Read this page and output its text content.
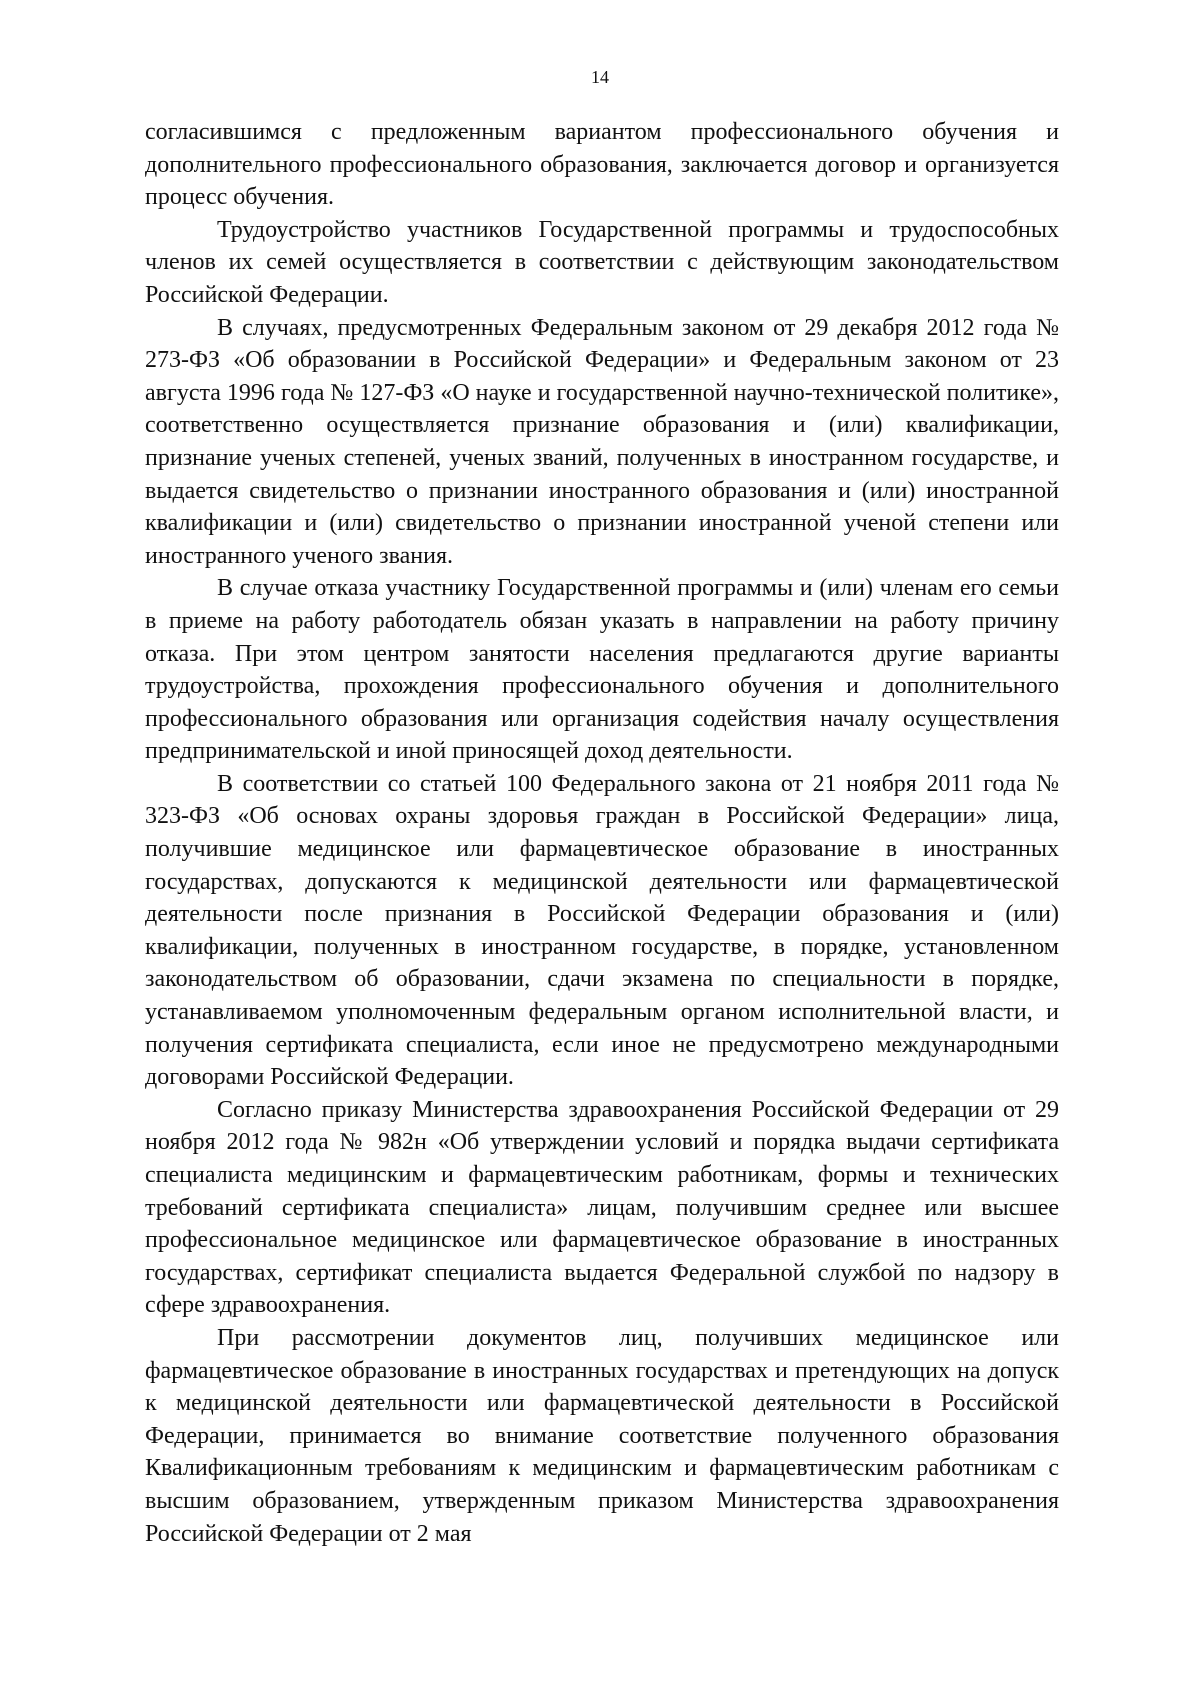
14

согласившимся с предложенным вариантом профессионального обучения и дополнительного профессионального образования, заключается договор и организуется процесс обучения.

Трудоустройство участников Государственной программы и трудоспособных членов их семей осуществляется в соответствии с действующим законодательством Российской Федерации.

В случаях, предусмотренных Федеральным законом от 29 декабря 2012 года № 273-ФЗ «Об образовании в Российской Федерации» и Федеральным законом от 23 августа 1996 года № 127-ФЗ «О науке и государственной научно-технической политике», соответственно осуществляется признание образования и (или) квалификации, признание ученых степеней, ученых званий, полученных в иностранном государстве, и выдается свидетельство о признании иностранного образования и (или) иностранной квалификации и (или) свидетельство о признании иностранной ученой степени или иностранного ученого звания.

В случае отказа участнику Государственной программы и (или) членам его семьи в приеме на работу работодатель обязан указать в направлении на работу причину отказа. При этом центром занятости населения предлагаются другие варианты трудоустройства, прохождения профессионального обучения и дополнительного профессионального образования или организация содействия началу осуществления предпринимательской и иной приносящей доход деятельности.

В соответствии со статьей 100 Федерального закона от 21 ноября 2011 года № 323-ФЗ «Об основах охраны здоровья граждан в Российской Федерации» лица, получившие медицинское или фармацевтическое образование в иностранных государствах, допускаются к медицинской деятельности или фармацевтической деятельности после признания в Российской Федерации образования и (или) квалификации, полученных в иностранном государстве, в порядке, установленном законодательством об образовании, сдачи экзамена по специальности в порядке, устанавливаемом уполномоченным федеральным органом исполнительной власти, и получения сертификата специалиста, если иное не предусмотрено международными договорами Российской Федерации.

Согласно приказу Министерства здравоохранения Российской Федерации от 29 ноября 2012 года № 982н «Об утверждении условий и порядка выдачи сертификата специалиста медицинским и фармацевтическим работникам, формы и технических требований сертификата специалиста» лицам, получившим среднее или высшее профессиональное медицинское или фармацевтическое образование в иностранных государствах, сертификат специалиста выдается Федеральной службой по надзору в сфере здравоохранения.

При рассмотрении документов лиц, получивших медицинское или фармацевтическое образование в иностранных государствах и претендующих на допуск к медицинской деятельности или фармацевтической деятельности в Российской Федерации, принимается во внимание соответствие полученного образования Квалификационным требованиям к медицинским и фармацевтическим работникам с высшим образованием, утвержденным приказом Министерства здравоохранения Российской Федерации от 2 мая
